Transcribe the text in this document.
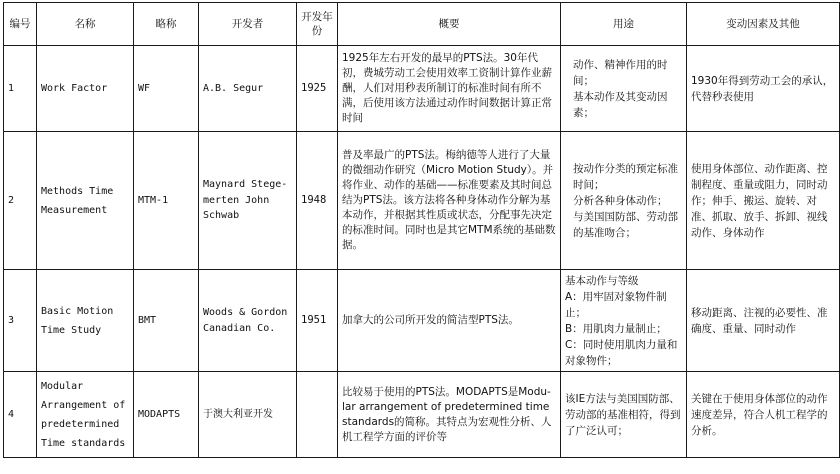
编号	名称	略称	开发者	开发年份	概要	用途	变动因素及其他
1	Work Factor	WF	A.B. Segur	1925	1925年左右开发的最早的PTS法。30年代初，费城劳动工会使用效率工资制计算作业薪酬，人们对用秒表所制订的标准时间有所不满，后使用该方法通过动作时间数据计算正常时间	动作、精神作用的时间；
基本动作及其变动因素；	1930年得到劳动工会的承认，代替秒表使用
2	Methods Time Measurement	MTM-1	Maynard Stege-merten John Schwab	1948	普及率最广的PTS法。梅纳德等人进行了大量的微细动作研究（Micro Motion Study）。并将作业、动作的基础——标准要素及其时间总结为PTS法。该方法将各种身体动作分解为基本动作，并根据其性质或状态，分配事先决定的标准时间。同时也是其它MTM系统的基础数据。	按动作分类的预定标准时间；
分析各种身体动作；
与美国国防部、劳动部的基准吻合；	使用身体部位、动作距离、控制程度、重量或阻力，同时动作；伸手、搬运、旋转、对准、抓取、放手、拆卸、视线动作、身体动作
3	Basic Motion Time Study	BMT	Woods & Gordon Canadian Co.	1951	加拿大的公司所开发的简洁型PTS法。	基本动作与等级
A：用牢固对象物件制止；
B：用肌肉力量制止；
C：同时使用肌肉力量和对象物件；	移动距离、注视的必要性、准确度、重量、同时动作
4	Modular Arrangement of predetermined Time standards	MODAPTS	于澳大利亚开发		比较易于使用的PTS法。MODAPTS是Modu-lar arrangement of predetermined time standards的简称。其特点为宏观性分析、人机工程学方面的评价等	该IE方法与美国国防部、劳动部的基准相符，得到了广泛认可；	关键在于使用身体部位的动作速度差异，符合人机工程学的分析。
